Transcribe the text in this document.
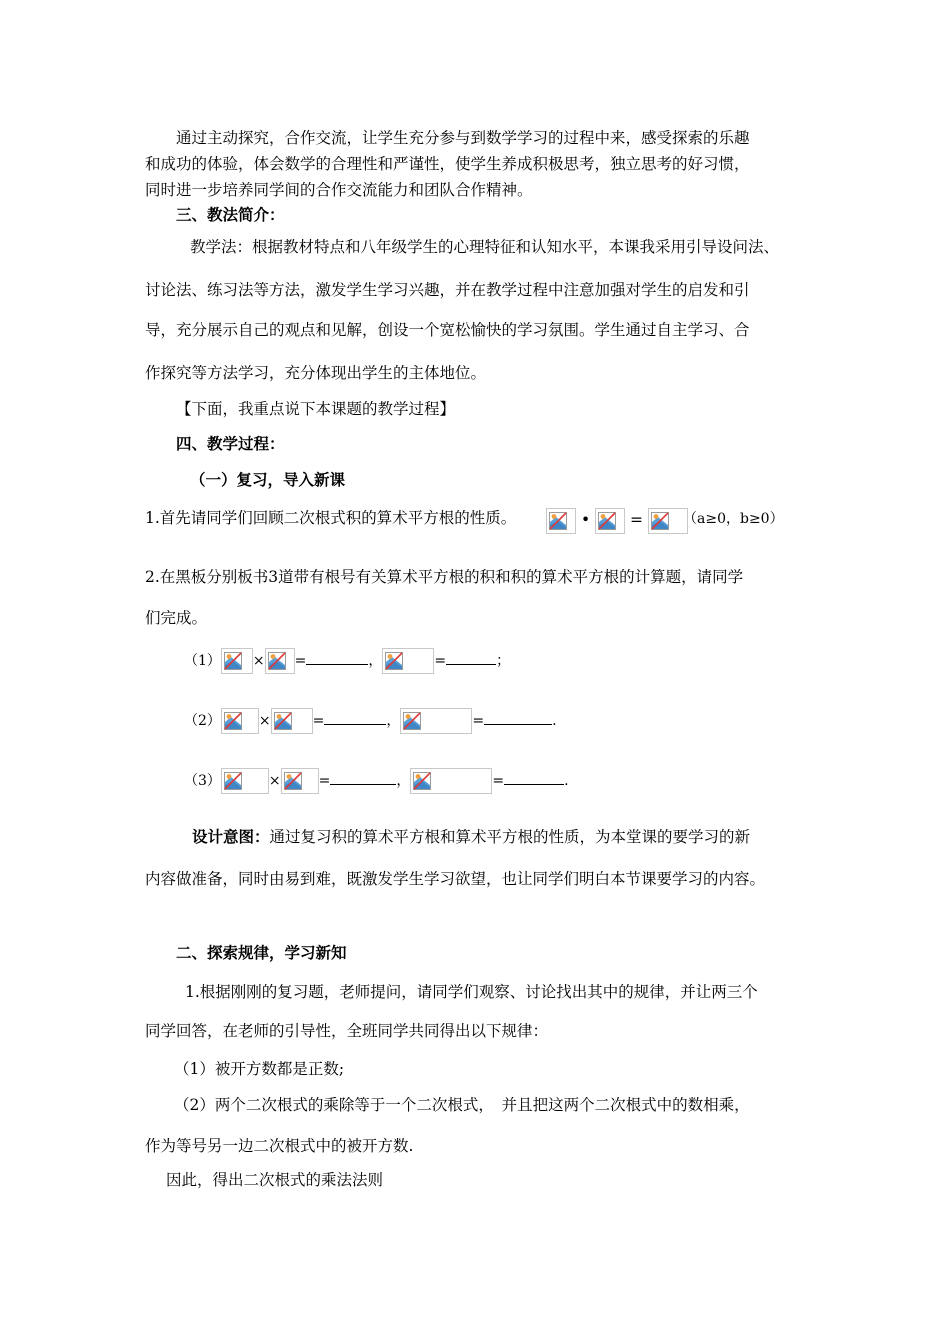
通过主动探究，合作交流，让学生充分参与到数学学习的过程中来，感受探索的乐趣
和成功的体验，体会数学的合理性和严谨性，使学生养成积极思考，独立思考的好习惯，
同时进一步培养同学间的合作交流能力和团队合作精神。
三、教法简介：
教学法：根据教材特点和八年级学生的心理特征和认知水平，本课我采用引导设问法、
讨论法、练习法等方法，激发学生学习兴趣，并在教学过程中注意加强对学生的启发和引
导，充分展示自己的观点和见解，创设一个宽松愉快的学习氛围。学生通过自主学习、合
作探究等方法学习，充分体现出学生的主体地位。
【下面，我重点说下本课题的教学过程】
四、教学过程：
（一）复习，导入新课
1.首先请同学们回顾二次根式积的算术平方根的性质。	•	=	（a≥0，b≥0）
2.在黑板分别板书3道带有根号有关算术平方根的积和积的算术平方根的计算题，请同学
们完成。
（1） × =	，	=	；
（2）	×	=	，	=	.
（3）	×	=	，	=	.
设计意图：通过复习积的算术平方根和算术平方根的性质，为本堂课的要学习的新
内容做准备，同时由易到难，既激发学生学习欲望，也让同学们明白本节课要学习的内容。
二、探索规律，学习新知
1.根据刚刚的复习题，老师提问，请同学们观察、讨论找出其中的规律，并让两三个
同学回答，在老师的引导性，全班同学共同得出以下规律：
（1）被开方数都是正数;
（2）两个二次根式的乘除等于一个二次根式，　并且把这两个二次根式中的数相乘，
作为等号另一边二次根式中的被开方数.
因此，得出二次根式的乘法法则
